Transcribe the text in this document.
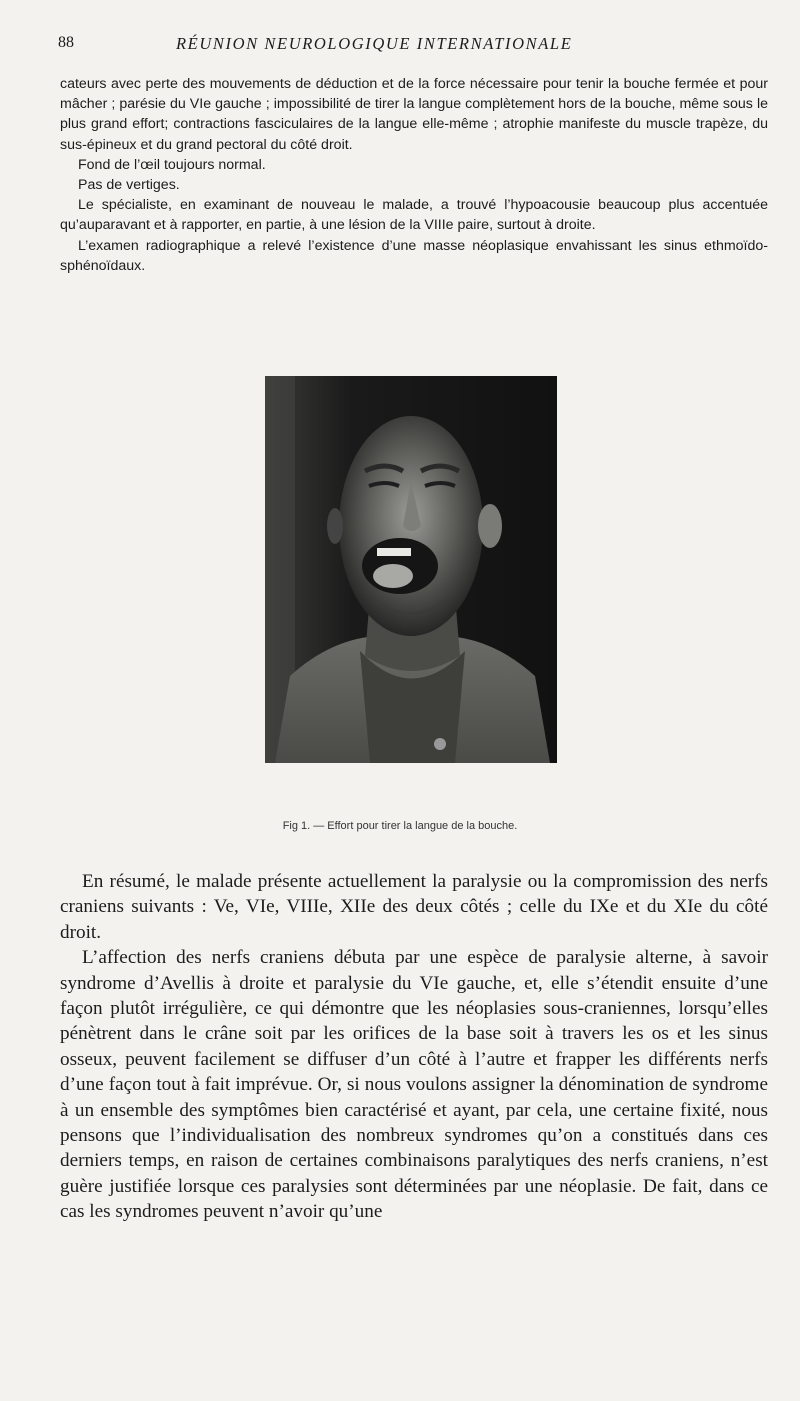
88	RÉUNION NEUROLOGIQUE INTERNATIONALE

cateurs avec perte des mouvements de déduction et de la force nécessaire pour tenir la bouche fermée et pour mâcher ; parésie du VIe gauche ; impossibilité de tirer la langue complètement hors de la bouche, même sous le plus grand effort; contractions fasciculaires de la langue elle-même ; atrophie manifeste du muscle trapèze, du sus-épineux et du grand pectoral du côté droit.

Fond de l’œil toujours normal.

Pas de vertiges.

Le spécialiste, en examinant de nouveau le malade, a trouvé l’hypoacousie beaucoup plus accentuée qu’auparavant et à rapporter, en partie, à une lésion de la VIIIe paire, surtout à droite.

L’examen radiographique a relevé l’existence d’une masse néoplasique envahissant les sinus ethmoïdo-sphénoïdaux.

Fig 1. — Effort pour tirer la langue de la bouche.

En résumé, le malade présente actuellement la paralysie ou la compromission des nerfs craniens suivants : Ve, VIe, VIIIe, XIIe des deux côtés ; celle du IXe et du XIe du côté droit.

L’affection des nerfs craniens débuta par une espèce de paralysie alterne, à savoir syndrome d’Avellis à droite et paralysie du VIe gauche, et, elle s’étendit ensuite d’une façon plutôt irrégulière, ce qui démontre que les néoplasies sous-craniennes, lorsqu’elles pénètrent dans le crâne soit par les orifices de la base soit à travers les os et les sinus osseux, peuvent facilement se diffuser d’un côté à l’autre et frapper les différents nerfs d’une façon tout à fait imprévue. Or, si nous voulons assigner la dénomination de syndrome à un ensemble des symptômes bien caractérisé et ayant, par cela, une certaine fixité, nous pensons que l’individualisation des nombreux syndromes qu’on a constitués dans ces derniers temps, en raison de certaines combinaisons paralytiques des nerfs craniens, n’est guère justifiée lorsque ces paralysies sont déterminées par une néoplasie. De fait, dans ce cas les syndromes peuvent n’avoir qu’une
